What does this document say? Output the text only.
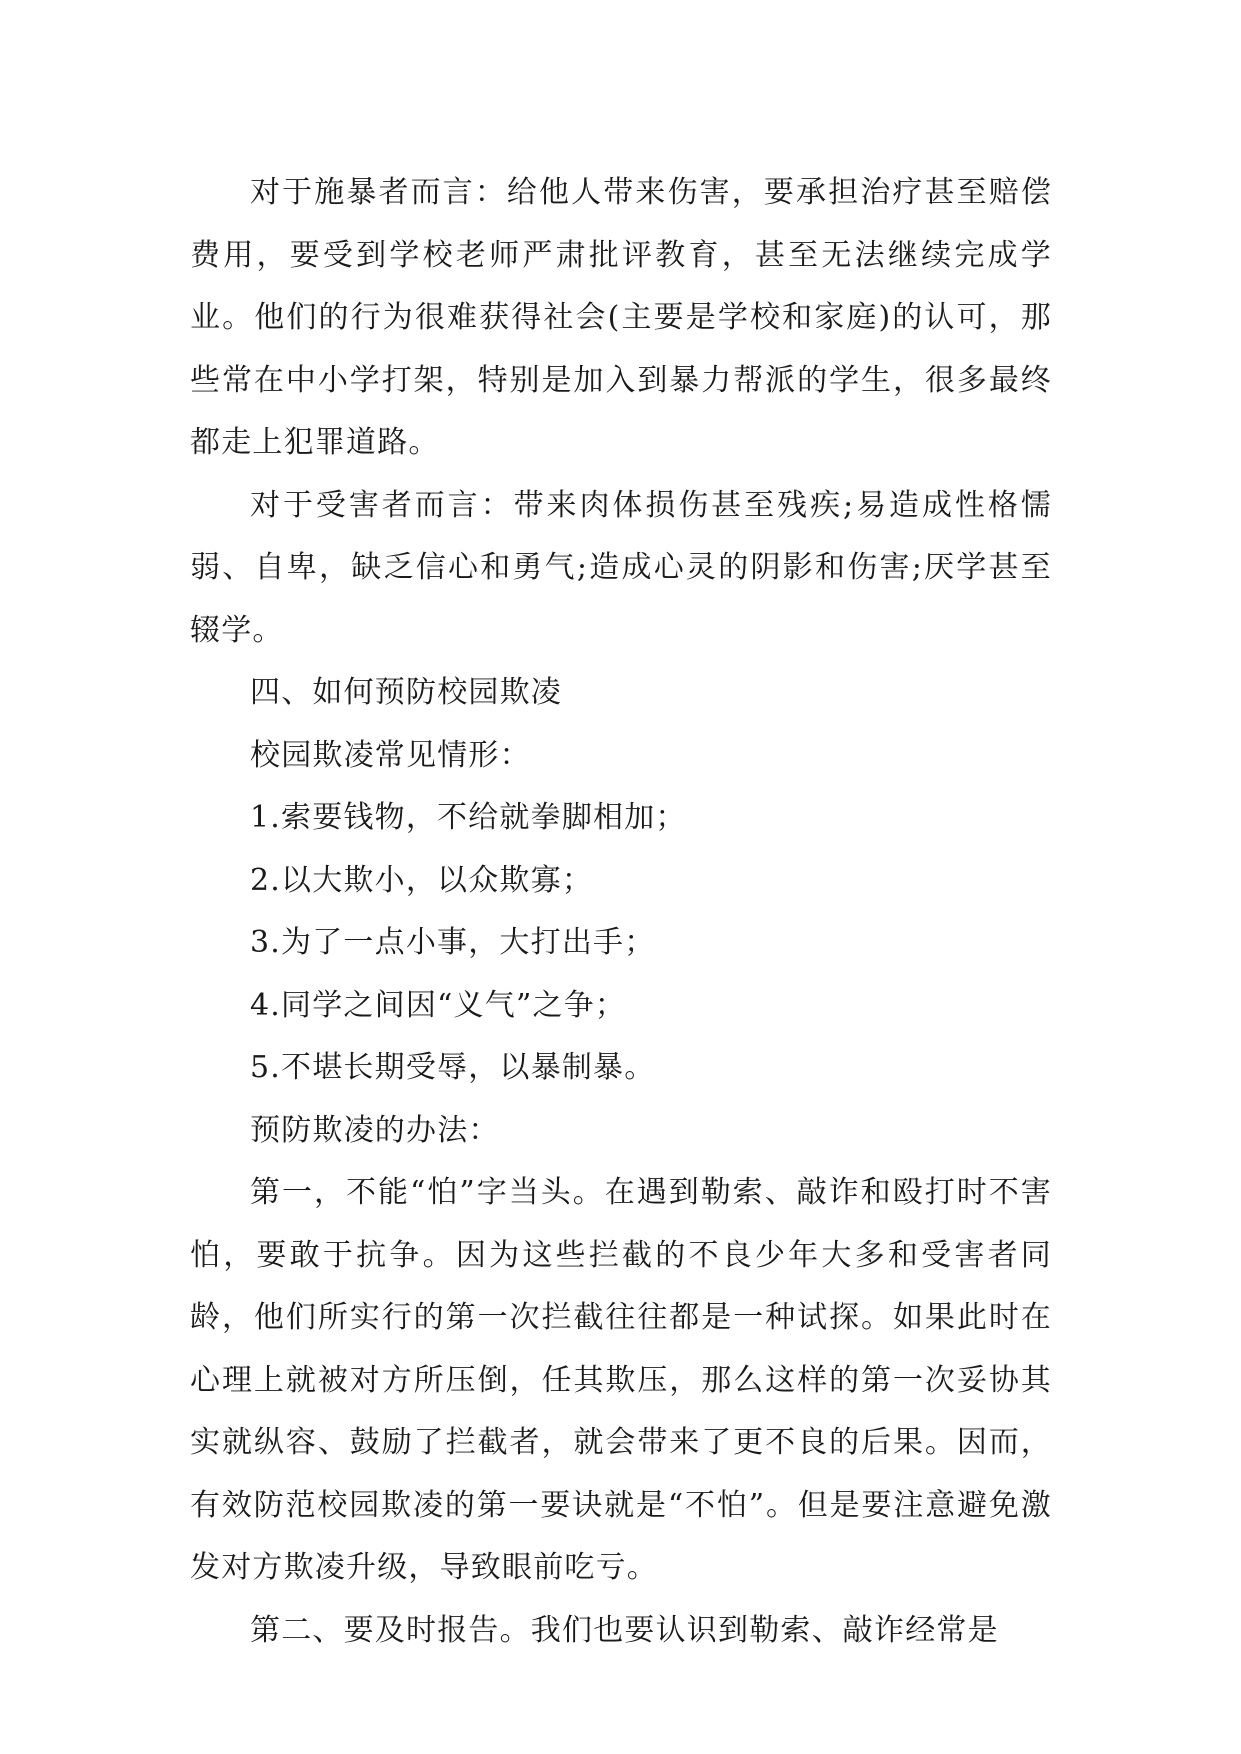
对于施暴者而言：给他人带来伤害，要承担治疗甚至赔偿费用，要受到学校老师严肃批评教育，甚至无法继续完成学业。他们的行为很难获得社会(主要是学校和家庭)的认可，那些常在中小学打架，特别是加入到暴力帮派的学生，很多最终都走上犯罪道路。

对于受害者而言：带来肉体损伤甚至残疾;易造成性格懦弱、自卑，缺乏信心和勇气;造成心灵的阴影和伤害;厌学甚至辍学。

四、如何预防校园欺凌

校园欺凌常见情形：

1.索要钱物，不给就拳脚相加；

2.以大欺小，以众欺寡；

3.为了一点小事，大打出手；

4.同学之间因“义气”之争；

5.不堪长期受辱，以暴制暴。

预防欺凌的办法：

第一，不能“怕”字当头。在遇到勒索、敲诈和殴打时不害怕，要敢于抗争。因为这些拦截的不良少年大多和受害者同龄，他们所实行的第一次拦截往往都是一种试探。如果此时在心理上就被对方所压倒，任其欺压，那么这样的第一次妥协其实就纵容、鼓励了拦截者，就会带来了更不良的后果。因而，有效防范校园欺凌的第一要诀就是“不怕”。但是要注意避免激发对方欺凌升级，导致眼前吃亏。

第二、要及时报告。我们也要认识到勒索、敲诈经常是
